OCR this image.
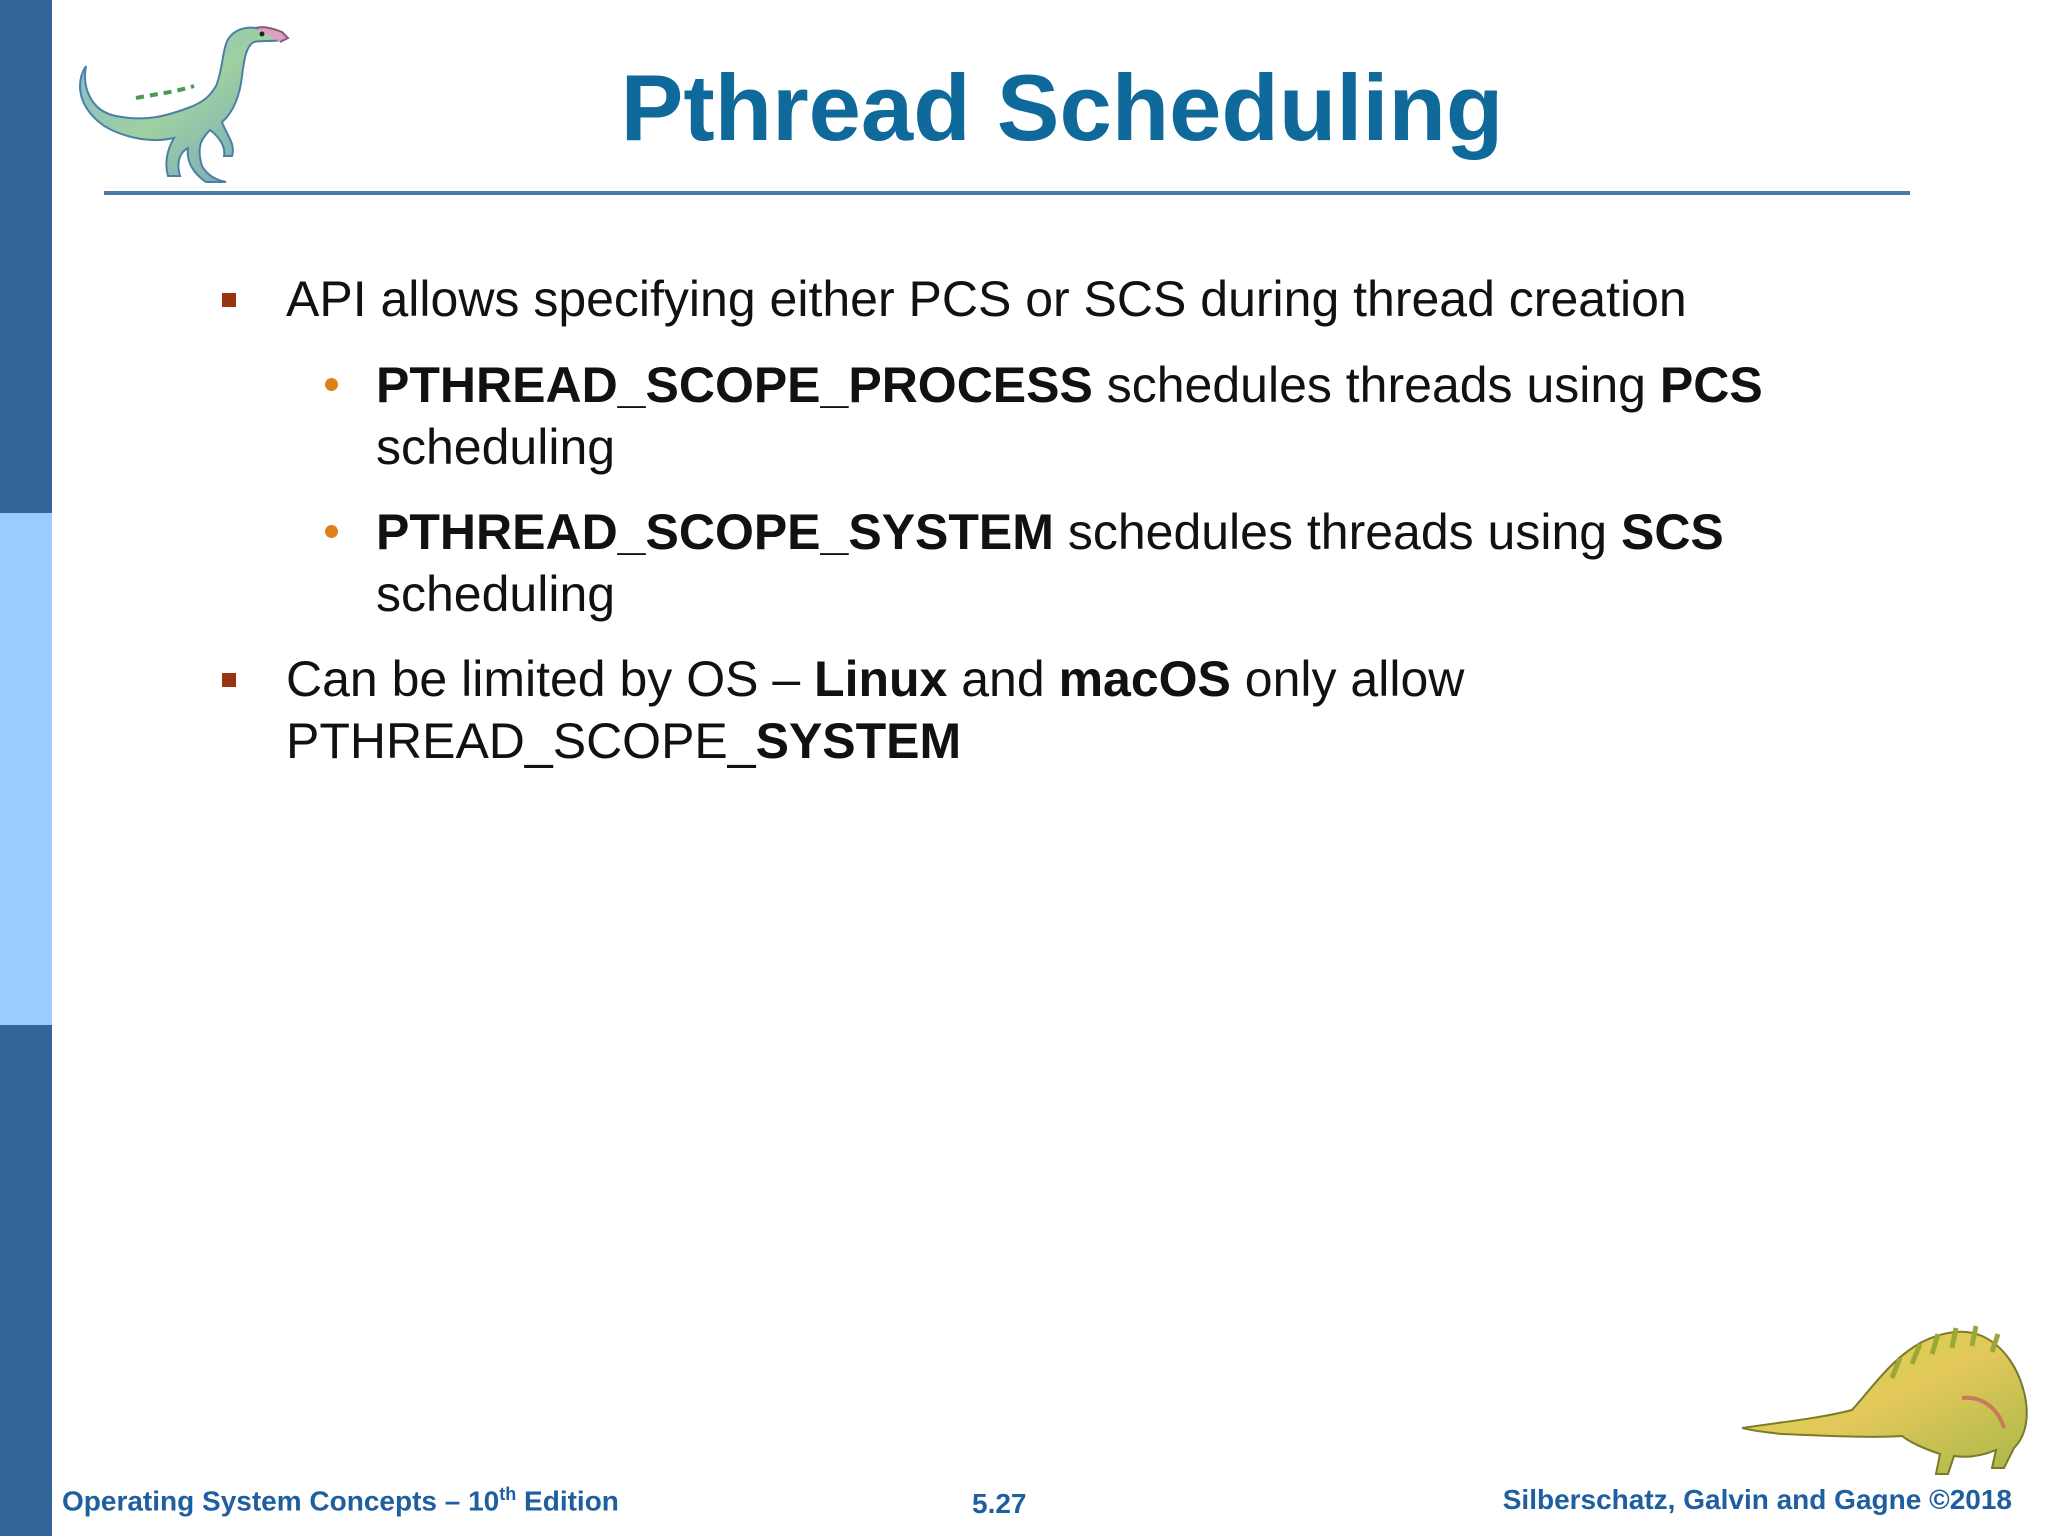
Pthread Scheduling
API allows specifying either PCS or SCS during thread creation
PTHREAD_SCOPE_PROCESS schedules threads using PCS
scheduling
PTHREAD_SCOPE_SYSTEM schedules threads using SCS
scheduling
Can be limited by OS – Linux and macOS only allow
PTHREAD_SCOPE_SYSTEM
Operating System Concepts – 10th Edition	5.27	Silberschatz, Galvin and Gagne ©2018
